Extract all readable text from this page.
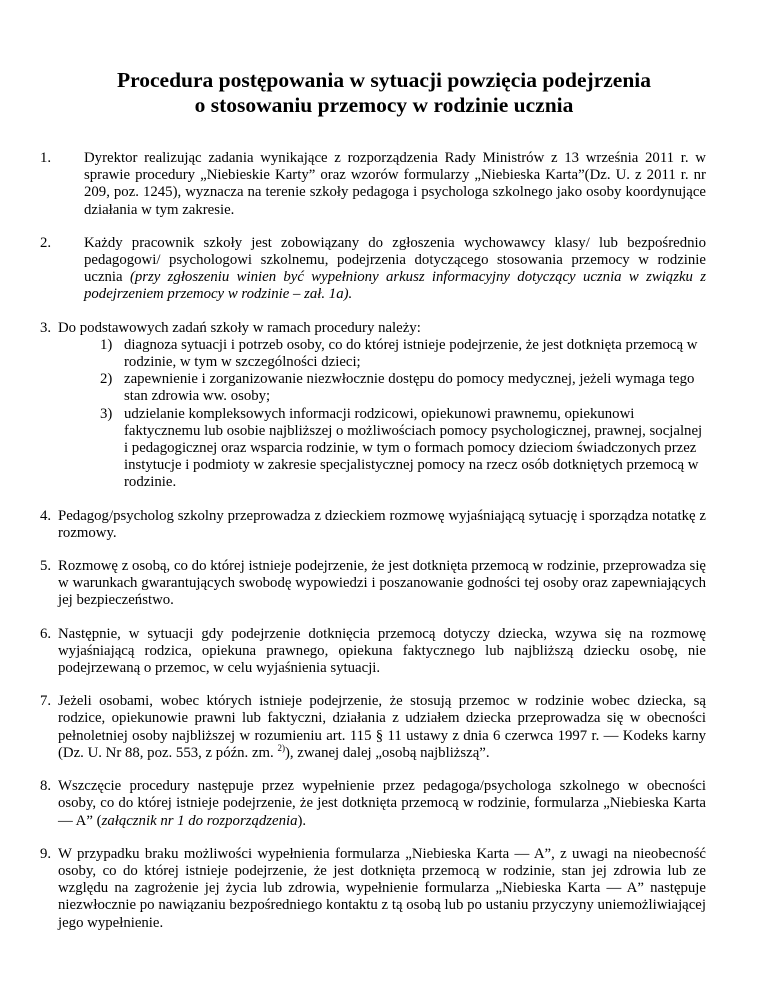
Procedura postępowania w sytuacji powzięcia podejrzenia
o stosowaniu przemocy w rodzinie ucznia
1. Dyrektor realizując zadania wynikające z rozporządzenia Rady Ministrów z 13 września 2011 r. w sprawie procedury „Niebieskie Karty” oraz wzorów formularzy „Niebieska Karta”(Dz. U. z 2011 r. nr 209, poz. 1245), wyznacza na terenie szkoły pedagoga i psychologa szkolnego jako osoby koordynujące działania w tym zakresie.

2. Każdy pracownik szkoły jest zobowiązany do zgłoszenia wychowawcy klasy/ lub bezpośrednio pedagogowi/ psychologowi szkolnemu, podejrzenia dotyczącego stosowania przemocy w rodzinie ucznia (przy zgłoszeniu winien być wypełniony arkusz informacyjny dotyczący ucznia w związku z podejrzeniem przemocy w rodzinie – zał. 1a).

3. Do podstawowych zadań szkoły w ramach procedury należy:

1) diagnoza sytuacji i potrzeb osoby, co do której istnieje podejrzenie, że jest dotknięta przemocą w rodzinie, w tym w szczególności dzieci;
2) zapewnienie i zorganizowanie niezwłocznie dostępu do pomocy medycznej, jeżeli wymaga tego stan zdrowia ww. osoby;
3) udzielanie kompleksowych informacji rodzicowi, opiekunowi prawnemu, opiekunowi faktycznemu lub osobie najbliższej o możliwościach pomocy psychologicznej, prawnej, socjalnej i pedagogicznej oraz wsparcia rodzinie, w tym o formach pomocy dzieciom świadczonych przez instytucje i podmioty w zakresie specjalistycznej pomocy na rzecz osób dotkniętych przemocą w rodzinie.
4. Pedagog/psycholog szkolny przeprowadza z dzieckiem rozmowę wyjaśniającą sytuację i sporządza notatkę z rozmowy.

5. Rozmowę z osobą, co do której istnieje podejrzenie, że jest dotknięta przemocą w rodzinie, przeprowadza się w warunkach gwarantujących swobodę wypowiedzi i poszanowanie godności tej osoby oraz zapewniających jej bezpieczeństwo.

6. Następnie, w sytuacji gdy podejrzenie dotknięcia przemocą dotyczy dziecka, wzywa się na rozmowę wyjaśniającą rodzica, opiekuna prawnego, opiekuna faktycznego lub najbliższą dziecku osobę, nie podejrzewaną o przemoc, w celu wyjaśnienia sytuacji.

7. Jeżeli osobami, wobec których istnieje podejrzenie, że stosują przemoc w rodzinie wobec dziecka, są rodzice, opiekunowie prawni lub faktyczni, działania z udziałem dziecka przeprowadza się w obecności pełnoletniej osoby najbliższej w rozumieniu art. 115 § 11 ustawy z dnia 6 czerwca 1997 r. — Kodeks karny (Dz. U. Nr 88, poz. 553, z późn. zm. $^{2)}$), zwanej dalej „osobą najbliższą”.

8. Wszczęcie procedury następuje przez wypełnienie przez pedagoga/psychologa szkolnego w obecności osoby, co do której istnieje podejrzenie, że jest dotknięta przemocą w rodzinie, formularza „Niebieska Karta — A” (załącznik nr 1 do rozporządzenia).

9. W przypadku braku możliwości wypełnienia formularza „Niebieska Karta — A”, z uwagi na nieobecność osoby, co do której istnieje podejrzenie, że jest dotknięta przemocą w rodzinie, stan jej zdrowia lub ze względu na zagrożenie jej życia lub zdrowia, wypełnienie formularza „Niebieska Karta — A” następuje niezwłocznie po nawiązaniu bezpośredniego kontaktu z tą osobą lub po ustaniu przyczyny uniemożliwiającej jego wypełnienie.
